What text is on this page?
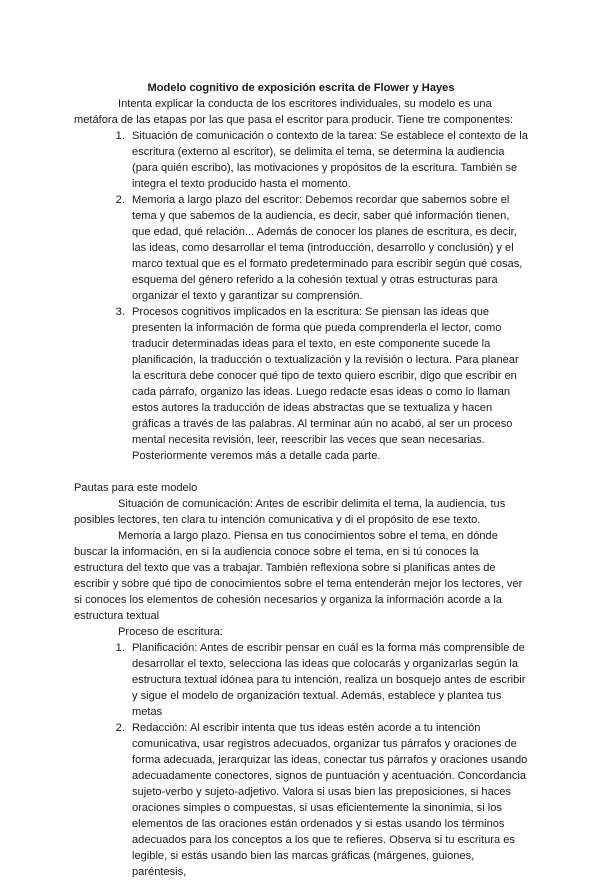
Modelo cognitivo de exposición escrita de Flower y Hayes

Intenta explicar la conducta de los escritores individuales, su modelo es una metáfora de las etapas por las que pasa el escritor para producir. Tiene tre componentes:

1. Situación de comunicación o contexto de la tarea: Se establece el contexto de la escritura (externo al escritor), se delimita el tema, se determina la audiencia (para quién escribo), las motivaciones y propósitos de la escritura. También se integra el texto producido hasta el momento.
2. Memoria a largo plazo del escritor: Debemos recordar que sabemos sobre el tema y que sabemos de la audiencia, es decir, saber qué información tienen, que edad, qué relación... Además de conocer los planes de escritura, es decir, las ideas, como desarrollar el tema (introducción, desarrollo y conclusión) y el marco textual que es el formato predeterminado para escribir según qué cosas, esquema del género referido a la cohesión textual y otras estructuras para organizar el texto y garantizar su comprensión.
3. Procesos cognitivos implicados en la escritura: Se piensan las ideas que presenten la información de forma que pueda comprenderla el lector, como traducir determinadas ideas para el texto, en este componente sucede la planificación, la traducción o textualización y la revisión o lectura. Para planear la escritura debe conocer qué tipo de texto quiero escribir, digo que escribir en cada párrafo, organizo las ideas. Luego redacte esas ideas o como lo llaman estos autores la traducción de ideas abstractas que se textualiza y hacen gráficas a través de las palabras. Al terminar aún no acabó, al ser un proceso mental necesita revisión, leer, reescribir las veces que sean necesarias. Posteriormente veremos más a detalle cada parte.

Pautas para este modelo

Situación de comunicación: Antes de escribir delimita el tema, la audiencia, tus posibles lectores, ten clara tu intención comunicativa y di el propósito de ese texto.

Memoria a largo plazo. Piensa en tus conocimientos sobre el tema, en dónde buscar la información, en si la audiencia conoce sobre el tema, en si tú conoces la estructura del texto que vas a trabajar. También reflexiona sobre si planificas antes de escribir y sobre qué tipo de conocimientos sobre el tema entenderán mejor los lectores, ver si conoces los elementos de cohesión necesarios y organiza la información acorde a la estructura textual

Proceso de escritura:

1. Planificación: Antes de escribir pensar en cuál es la forma más comprensible de desarrollar el texto, selecciona las ideas que colocarás y organizarlas según la estructura textual idónea para tu intención, realiza un bosquejo antes de escribir y sigue el modelo de organización textual. Además, establece y plantea tus metas
2. Redacción: Al escribir intenta que tus ideas estén acorde a tu intención comunicativa, usar registros adecuados, organizar tus párrafos y oraciones de forma adecuada, jerarquizar las ideas, conectar tus párrafos y oraciones usando adecuadamente conectores, signos de puntuación y acentuación. Concordancia sujeto-verbo y sujeto-adjetivo. Valora si usas bien las preposiciones, si haces oraciones simples o compuestas, si usas eficientemente la sinonimia, si los elementos de las oraciones están ordenados y si estas usando los términos adecuados para los conceptos a los que te refieres. Observa si tu escritura es legible, si estás usando bien las marcas gráficas (márgenes, guiones, paréntesis,
